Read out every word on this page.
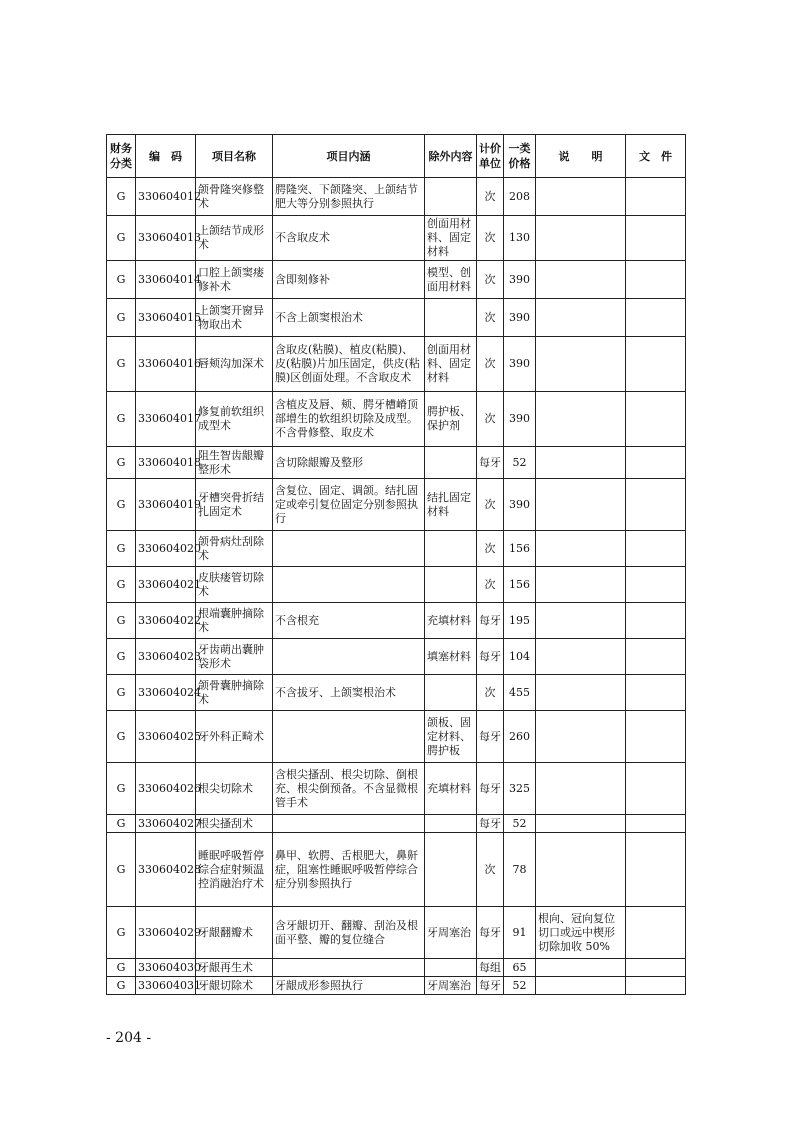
财务分类	编　码	项目名称	项目内涵	除外内容	计价单位	一类价格	说　　明	文　件
G	330604012	颌骨隆突修整术	腭隆突、下颌隆突、上颌结节肥大等分别参照执行		次	208		
G	330604013	上颌结节成形术	不含取皮术	创面用材料、固定材料	次	130		
G	330604014	口腔上颌窦瘘修补术	含即刻修补	模型、创面用材料	次	390		
G	330604015	上颌窦开窗异物取出术	不含上颌窦根治术		次	390		
G	330604016	唇颊沟加深术	含取皮(粘膜)、植皮(粘膜)、皮(粘膜)片加压固定，供皮(粘膜)区创面处理。不含取皮术	创面用材料、固定材料	次	390		
G	330604017	修复前软组织成型术	含植皮及唇、颊、腭牙槽嵴顶部增生的软组织切除及成型。不含骨修整、取皮术	腭护板、保护剂	次	390		
G	330604018	阻生智齿龈瓣整形术	含切除龈瓣及整形		每牙	52		
G	330604019	牙槽突骨折结扎固定术	含复位、固定、调颌。结扎固定或牵引复位固定分别参照执行	结扎固定材料	次	390		
G	330604020	颌骨病灶刮除术			次	156		
G	330604021	皮肤瘘管切除术			次	156		
G	330604022	根端囊肿摘除术	不含根充	充填材料	每牙	195		
G	330604023	牙齿萌出囊肿袋形术		填塞材料	每牙	104		
G	330604024	颌骨囊肿摘除术	不含拔牙、上颌窦根治术		次	455		
G	330604025	牙外科正畸术		颌板、固定材料、腭护板	每牙	260		
G	330604026	根尖切除术	含根尖搔刮、根尖切除、倒根充、根尖倒预备。不含显微根管手术	充填材料	每牙	325		
G	330604027	根尖搔刮术			每牙	52		
G	330604028	睡眠呼吸暂停综合症射频温控消融治疗术	鼻甲、软腭、舌根肥大，鼻鼾症，阻塞性睡眠呼吸暂停综合症分别参照执行		次	78		
G	330604029	牙龈翻瓣术	含牙龈切开、翻瓣、刮治及根面平整、瓣的复位缝合	牙周塞治	每牙	91	根向、冠向复位切口或远中楔形切除加收 50%	
G	330604030	牙龈再生术			每组	65		
G	330604031	牙龈切除术	牙龈成形参照执行	牙周塞治	每牙	52		
- 204 -
